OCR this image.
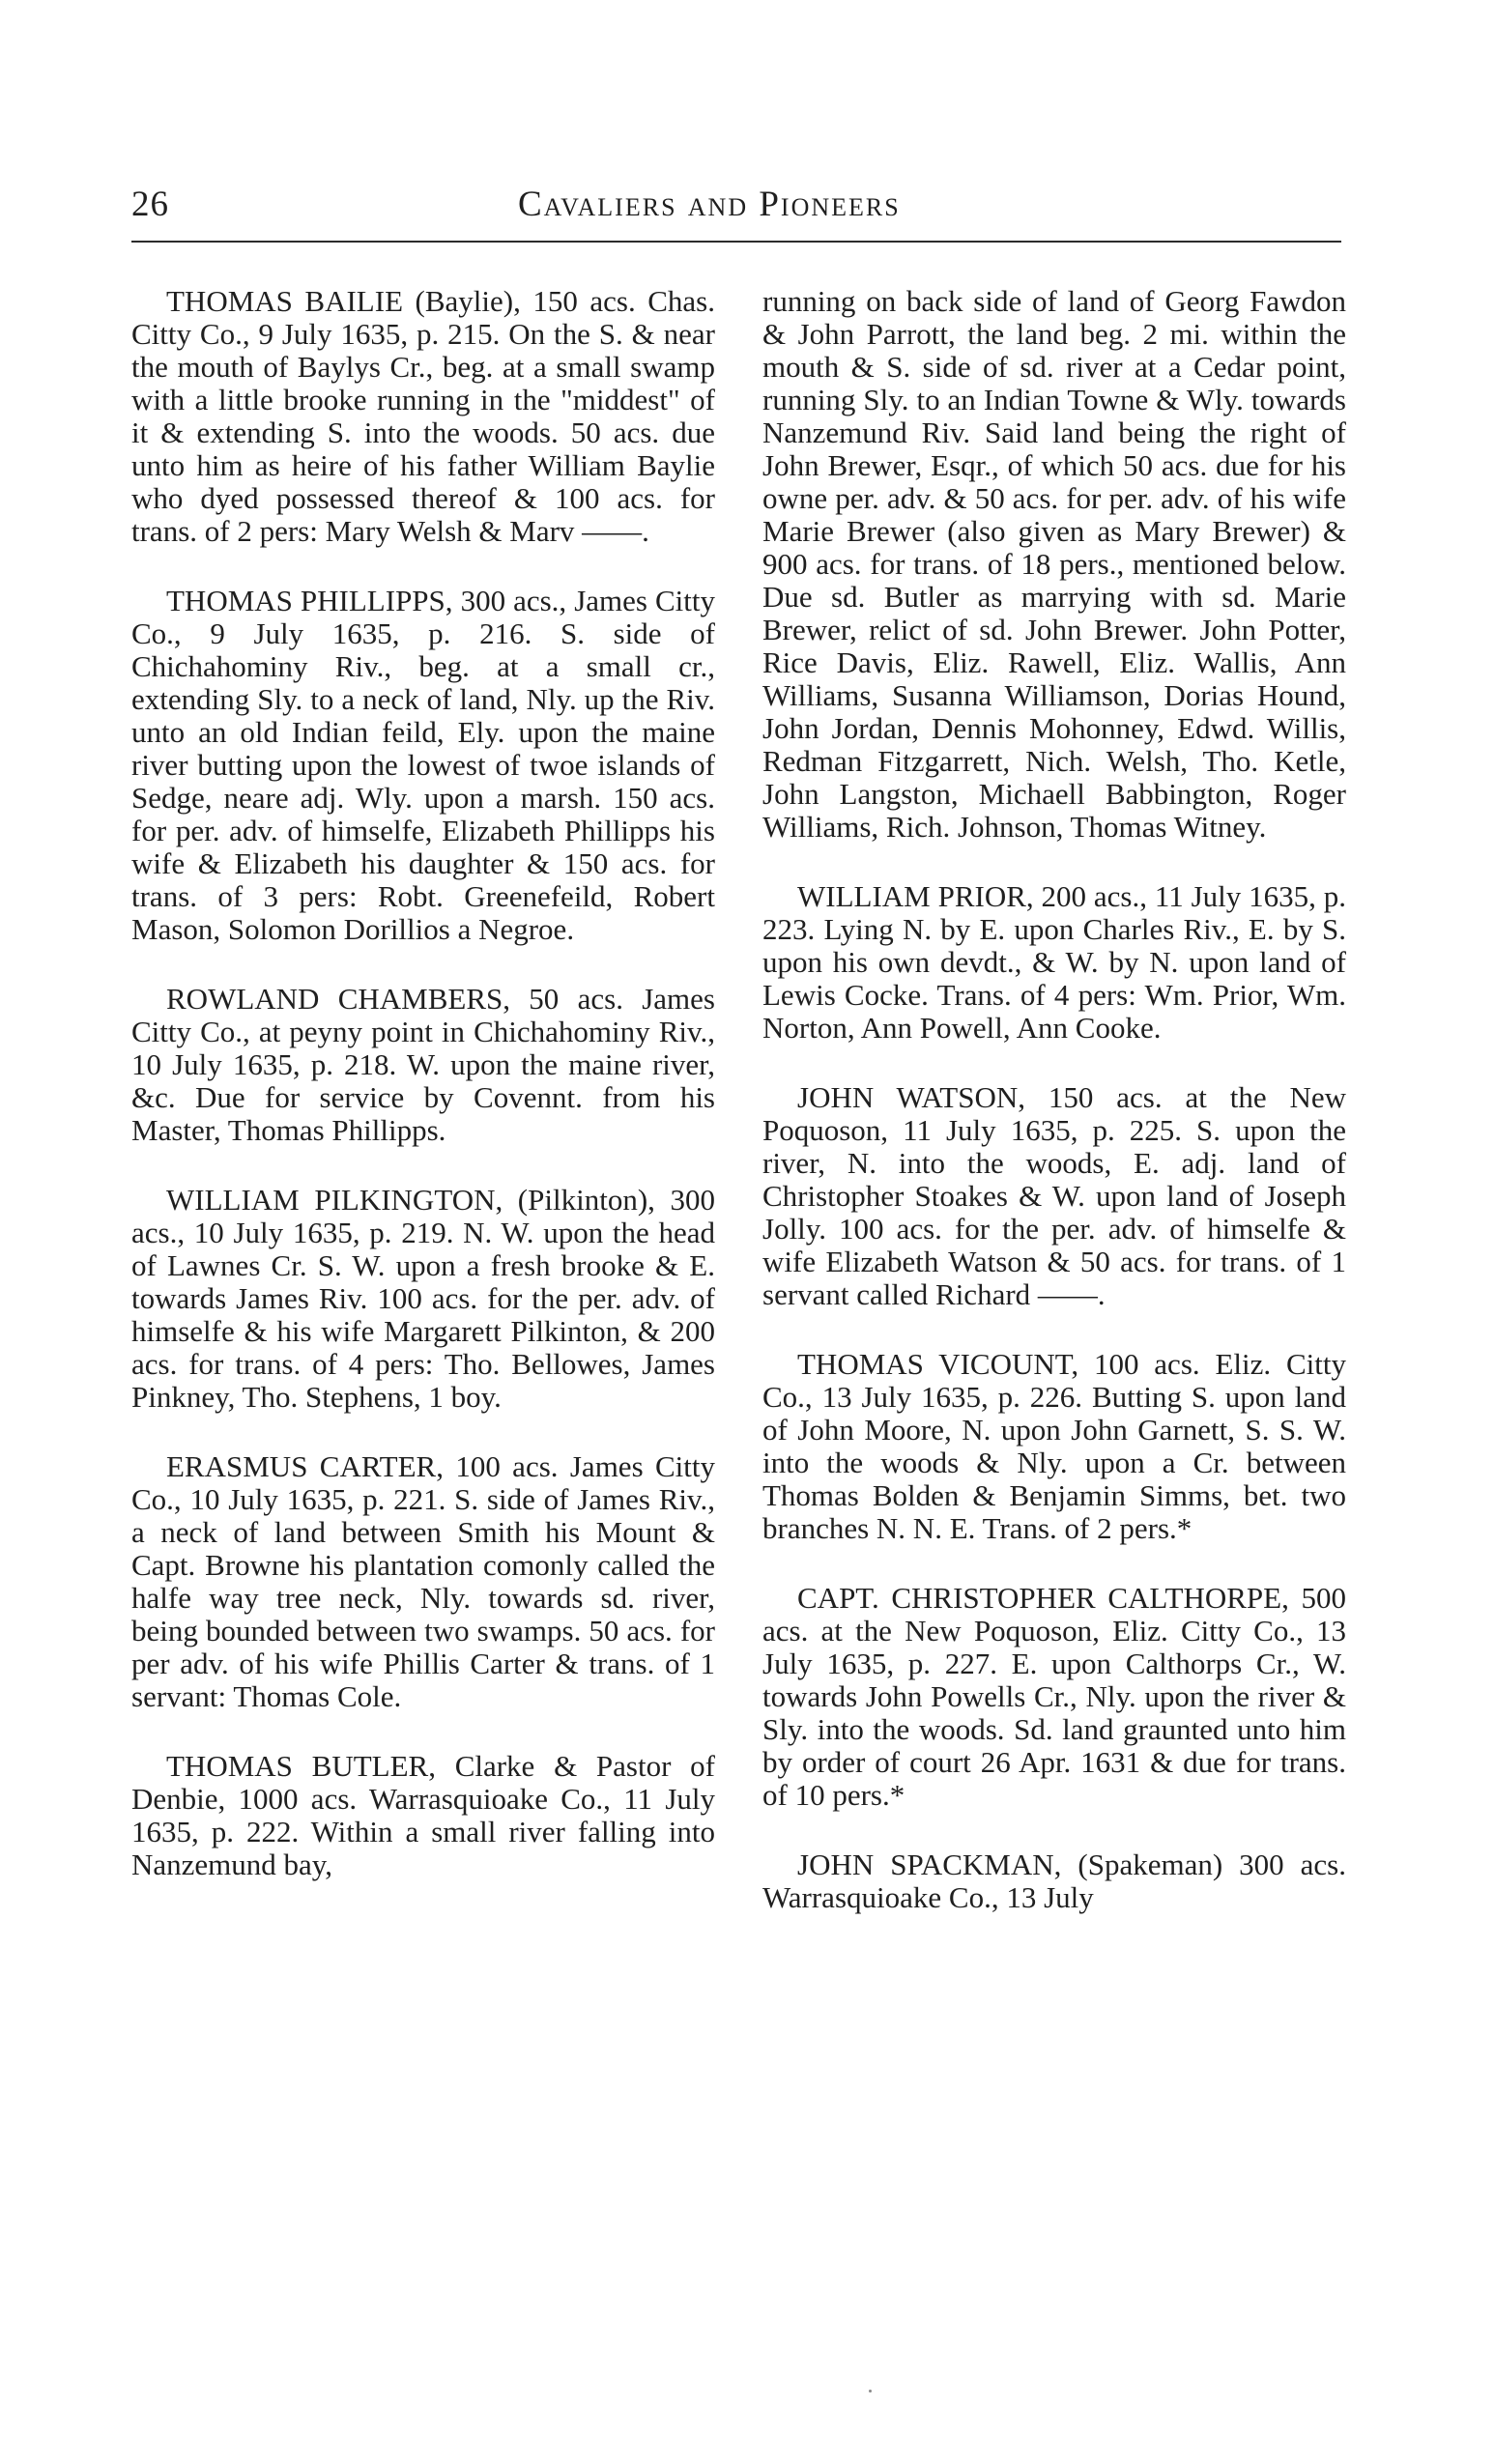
26	Cavaliers and Pioneers

THOMAS BAILIE (Baylie), 150 acs. Chas. Citty Co., 9 July 1635, p. 215. On the S. & near the mouth of Baylys Cr., beg. at a small swamp with a little brooke running in the "middest" of it & extending S. into the woods. 50 acs. due unto him as heire of his father William Baylie who dyed possessed thereof & 100 acs. for trans. of 2 pers: Mary Welsh & Marv ——.

THOMAS PHILLIPPS, 300 acs., James Citty Co., 9 July 1635, p. 216. S. side of Chichahominy Riv., beg. at a small cr., extending Sly. to a neck of land, Nly. up the Riv. unto an old Indian feild, Ely. upon the maine river butting upon the lowest of twoe islands of Sedge, neare adj. Wly. upon a marsh. 150 acs. for per. adv. of himselfe, Elizabeth Phillipps his wife & Elizabeth his daughter & 150 acs. for trans. of 3 pers: Robt. Greenefeild, Robert Mason, Solomon Dorillios a Negroe.

ROWLAND CHAMBERS, 50 acs. James Citty Co., at peyny point in Chichahominy Riv., 10 July 1635, p. 218. W. upon the maine river, &c. Due for service by Covennt. from his Master, Thomas Phillipps.

WILLIAM PILKINGTON, (Pilkinton), 300 acs., 10 July 1635, p. 219. N. W. upon the head of Lawnes Cr. S. W. upon a fresh brooke & E. towards James Riv. 100 acs. for the per. adv. of himselfe & his wife Margarett Pilkinton, & 200 acs. for trans. of 4 pers: Tho. Bellowes, James Pinkney, Tho. Stephens, 1 boy.

ERASMUS CARTER, 100 acs. James Citty Co., 10 July 1635, p. 221. S. side of James Riv., a neck of land between Smith his Mount & Capt. Browne his plantation comonly called the halfe way tree neck, Nly. towards sd. river, being bounded between two swamps. 50 acs. for per adv. of his wife Phillis Carter & trans. of 1 servant: Thomas Cole.

THOMAS BUTLER, Clarke & Pastor of Denbie, 1000 acs. Warrasquioake Co., 11 July 1635, p. 222. Within a small river falling into Nanzemund bay,

running on back side of land of Georg Fawdon & John Parrott, the land beg. 2 mi. within the mouth & S. side of sd. river at a Cedar point, running Sly. to an Indian Towne & Wly. towards Nanzemund Riv. Said land being the right of John Brewer, Esqr., of which 50 acs. due for his owne per. adv. & 50 acs. for per. adv. of his wife Marie Brewer (also given as Mary Brewer) & 900 acs. for trans. of 18 pers., mentioned below. Due sd. Butler as marrying with sd. Marie Brewer, relict of sd. John Brewer. John Potter, Rice Davis, Eliz. Rawell, Eliz. Wallis, Ann Williams, Susanna Williamson, Dorias Hound, John Jordan, Dennis Mohonney, Edwd. Willis, Redman Fitzgarrett, Nich. Welsh, Tho. Ketle, John Langston, Michaell Babbington, Roger Williams, Rich. Johnson, Thomas Witney.

WILLIAM PRIOR, 200 acs., 11 July 1635, p. 223. Lying N. by E. upon Charles Riv., E. by S. upon his own devdt., & W. by N. upon land of Lewis Cocke. Trans. of 4 pers: Wm. Prior, Wm. Norton, Ann Powell, Ann Cooke.

JOHN WATSON, 150 acs. at the New Poquoson, 11 July 1635, p. 225. S. upon the river, N. into the woods, E. adj. land of Christopher Stoakes & W. upon land of Joseph Jolly. 100 acs. for the per. adv. of himselfe & wife Elizabeth Watson & 50 acs. for trans. of 1 servant called Richard ——.

THOMAS VICOUNT, 100 acs. Eliz. Citty Co., 13 July 1635, p. 226. Butting S. upon land of John Moore, N. upon John Garnett, S. S. W. into the woods & Nly. upon a Cr. between Thomas Bolden & Benjamin Simms, bet. two branches N. N. E. Trans. of 2 pers.*

CAPT. CHRISTOPHER CALTHORPE, 500 acs. at the New Poquoson, Eliz. Citty Co., 13 July 1635, p. 227. E. upon Calthorps Cr., W. towards John Powells Cr., Nly. upon the river & Sly. into the woods. Sd. land graunted unto him by order of court 26 Apr. 1631 & due for trans. of 10 pers.*

JOHN SPACKMAN, (Spakeman) 300 acs. Warrasquioake Co., 13 July
